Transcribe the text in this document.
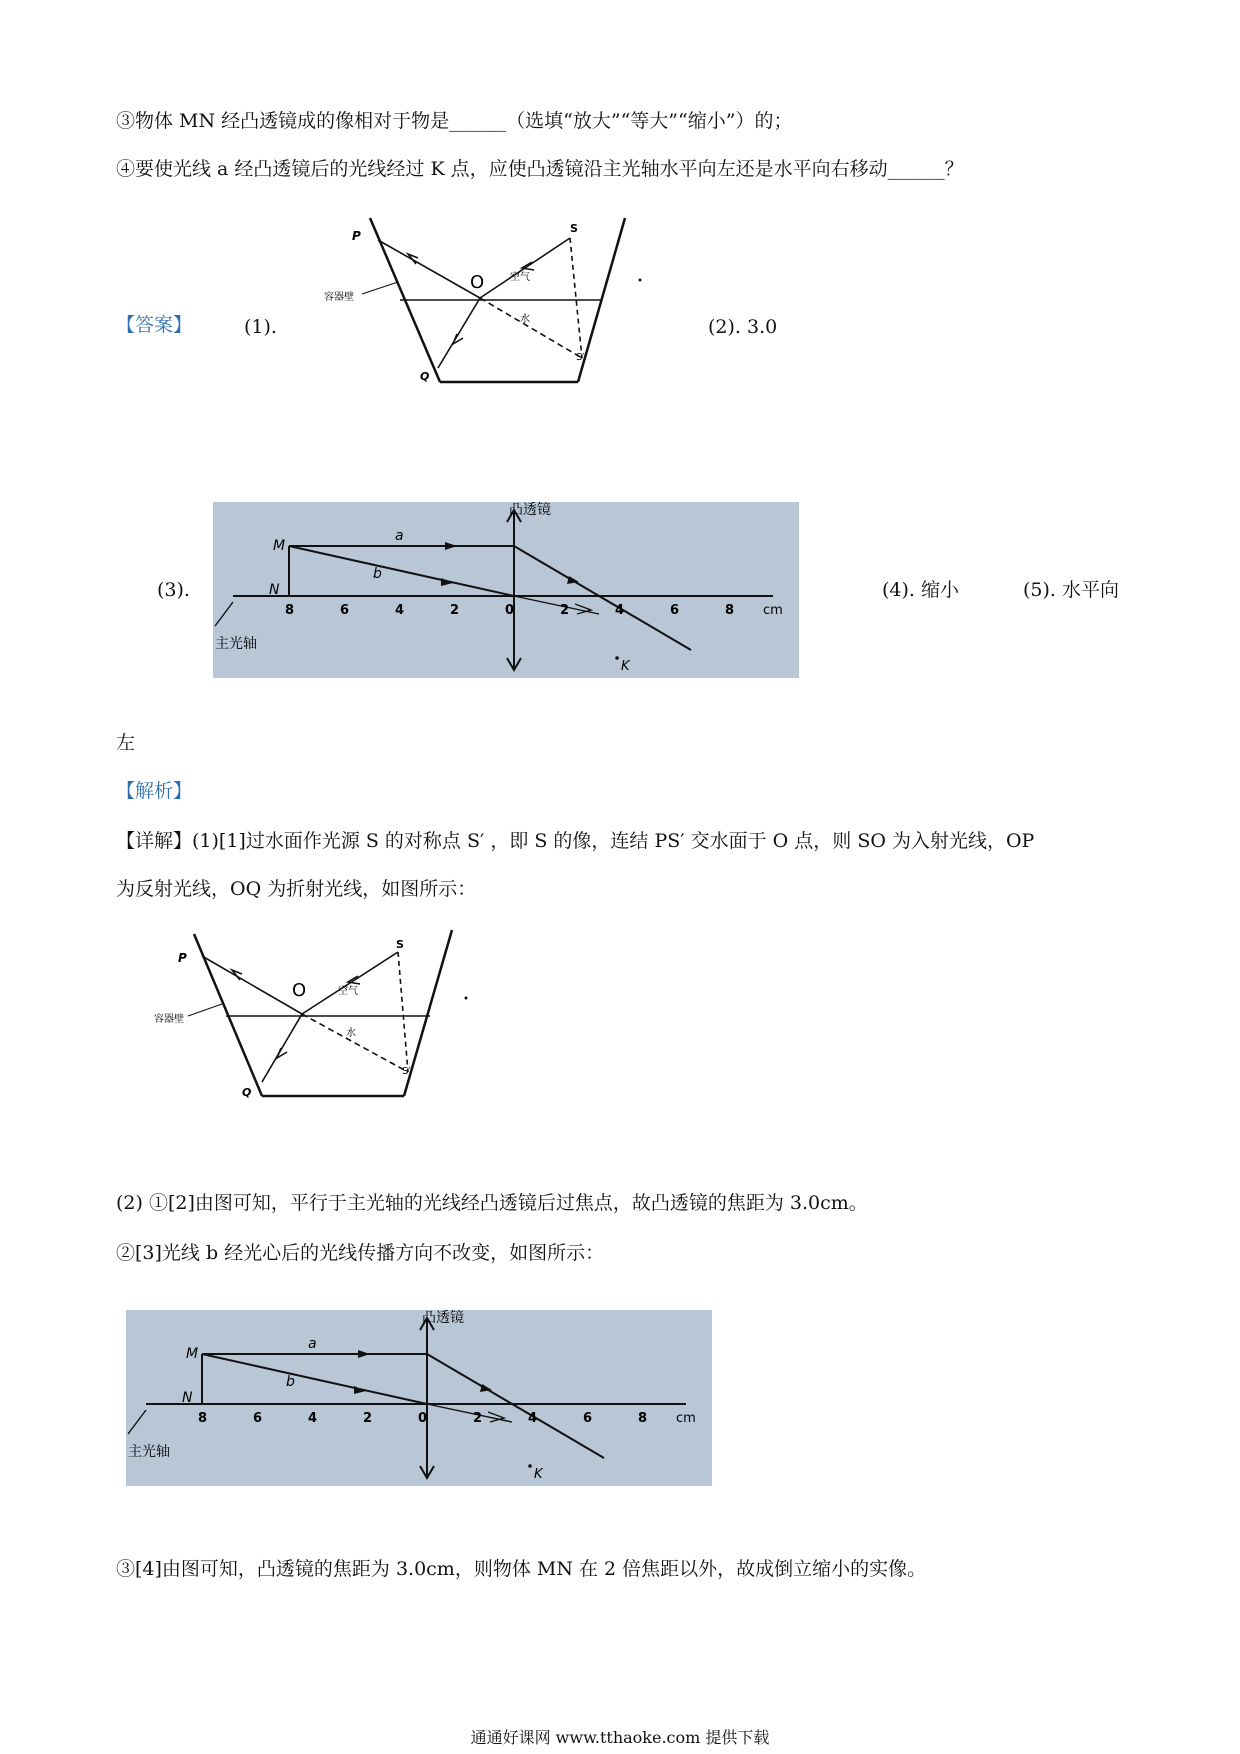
③物体 MN 经凸透镜成的像相对于物是______（选填“放大”“等大”“缩小”）的；
④要使光线 a 经凸透镜后的光线经过 K 点，应使凸透镜沿主光轴水平向左还是水平向右移动______？
【答案】	(1).
P
S
O	空气
水
容器壁
Q
S′
(2). 3.0
(3).
凸透镜
M
N
a
b
8	6	4	2	0	2	4	6	8 cm
主光轴
K
(4). 缩小	(5). 水平向
左
【解析】
【详解】(1)[1]过水面作光源 S 的对称点 S′ ，即 S 的像，连结 PS′ 交水面于 O 点，则 SO 为入射光线，OP
为反射光线，OQ 为折射光线，如图所示：
P
S
O	空气
水
容器壁
Q
S′
(2) ①[2]由图可知，平行于主光轴的光线经凸透镜后过焦点，故凸透镜的焦距为 3.0cm。
②[3]光线 b 经光心后的光线传播方向不改变，如图所示：
凸透镜
M
N
a
b
8	6	4	2	0	2	4	6	8 cm
主光轴
K
③[4]由图可知，凸透镜的焦距为 3.0cm，则物体 MN 在 2 倍焦距以外，故成倒立缩小的实像。
通通好课网 www.tthaoke.com 提供下载
